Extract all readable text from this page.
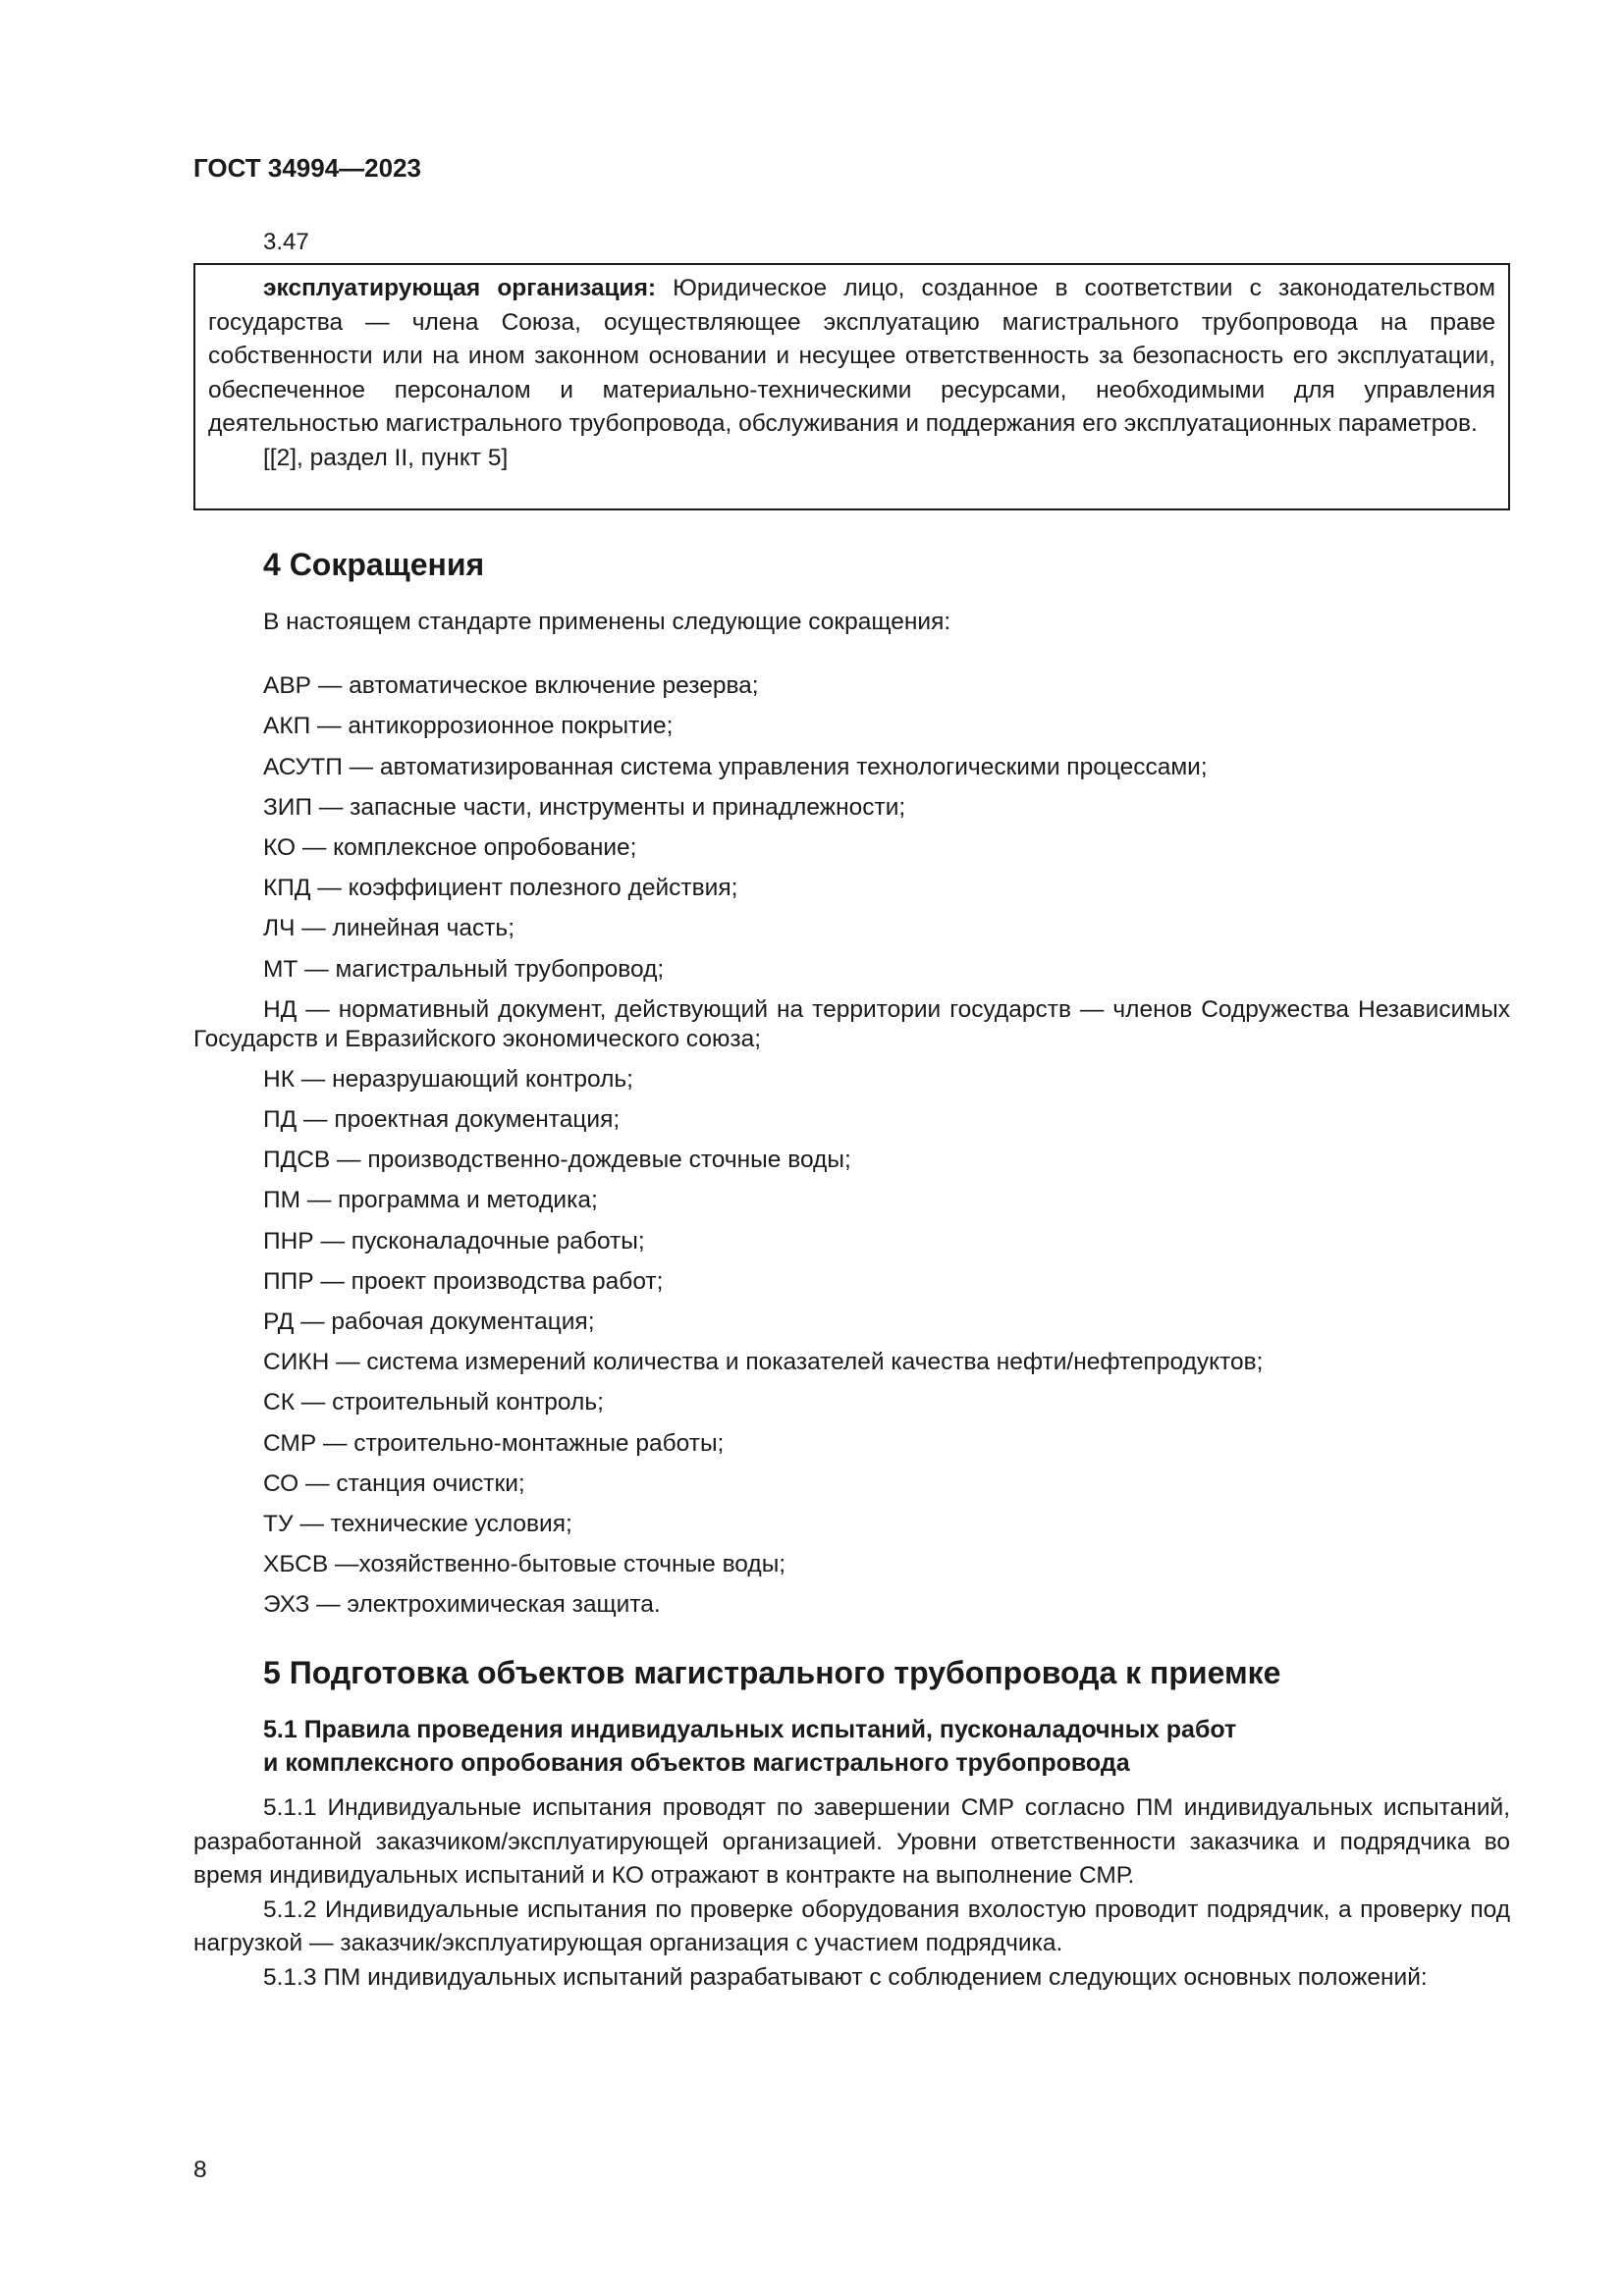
ГОСТ 34994—2023
3.47

эксплуатирующая организация: Юридическое лицо, созданное в соответствии с законодательством государства — члена Союза, осуществляющее эксплуатацию магистрального трубопровода на праве собственности или на ином законном основании и несущее ответственность за безопасность его эксплуатации, обеспеченное персоналом и материально-техническими ресурсами, необходимыми для управления деятельностью магистрального трубопровода, обслуживания и поддержания его эксплуатационных параметров.

[[2], раздел II, пункт 5]

4 Сокращения
В настоящем стандарте применены следующие сокращения:
АВР — автоматическое включение резерва;
АКП — антикоррозионное покрытие;
АСУТП — автоматизированная система управления технологическими процессами;
ЗИП — запасные части, инструменты и принадлежности;
КО — комплексное опробование;
КПД — коэффициент полезного действия;
ЛЧ — линейная часть;
МТ — магистральный трубопровод;
НД — нормативный документ, действующий на территории государств — членов Содружества Независимых Государств и Евразийского экономического союза;
НК — неразрушающий контроль;
ПД — проектная документация;
ПДСВ — производственно-дождевые сточные воды;
ПМ — программа и методика;
ПНР — пусконаладочные работы;
ППР — проект производства работ;
РД — рабочая документация;
СИКН — система измерений количества и показателей качества нефти/нефтепродуктов;
СК — строительный контроль;
СМР — строительно-монтажные работы;
СО — станция очистки;
ТУ — технические условия;
ХБСВ —хозяйственно-бытовые сточные воды;
ЭХЗ — электрохимическая защита.
5 Подготовка объектов магистрального трубопровода к приемке
5.1 Правила проведения индивидуальных испытаний, пусконаладочных работ
и комплексного опробования объектов магистрального трубопровода

5.1.1 Индивидуальные испытания проводят по завершении СМР согласно ПМ индивидуальных испытаний, разработанной заказчиком/эксплуатирующей организацией. Уровни ответственности заказчика и подрядчика во время индивидуальных испытаний и КО отражают в контракте на выполнение СМР.

5.1.2 Индивидуальные испытания по проверке оборудования вхолостую проводит подрядчик, а проверку под нагрузкой — заказчик/эксплуатирующая организация с участием подрядчика.

5.1.3 ПМ индивидуальных испытаний разрабатывают с соблюдением следующих основных положений:

8
